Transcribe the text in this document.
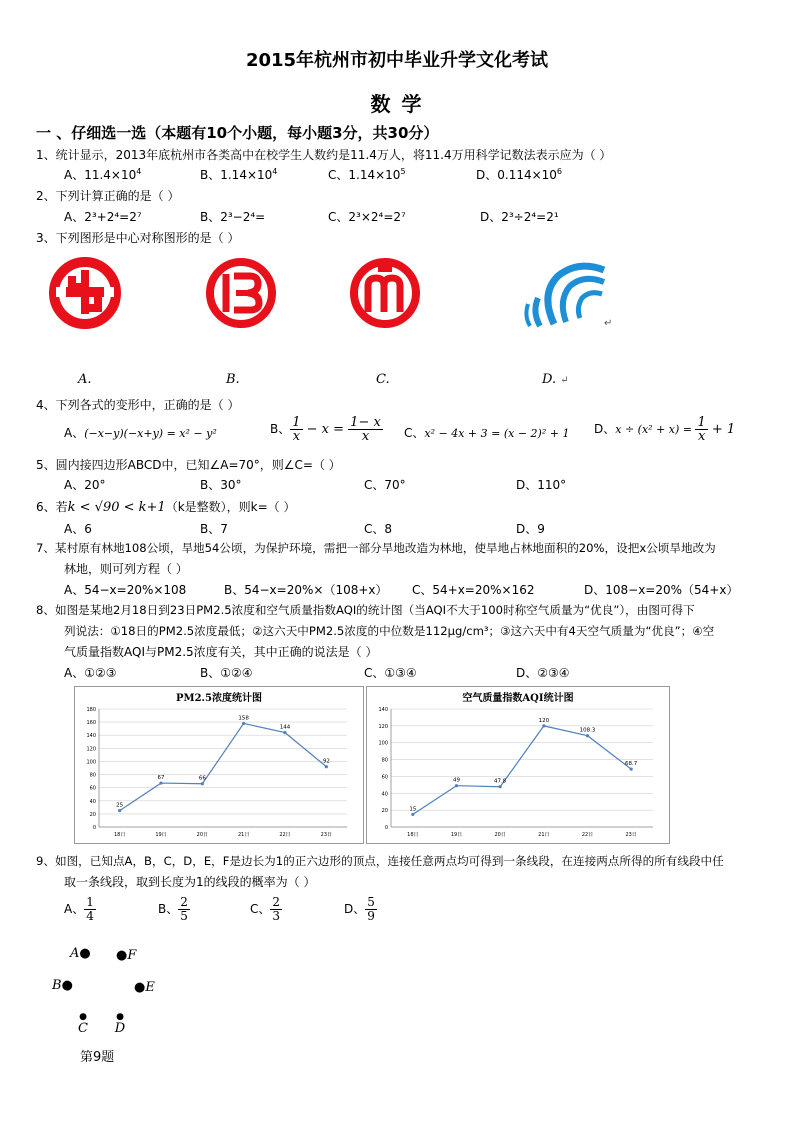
2015年杭州市初中毕业升学文化考试
数 学
一 、仔细选一选（本题有10个小题，每小题3分，共30分）
1、统计显示，2013年底杭州市各类高中在校学生人数约是11.4万人，将11.4万用科学记数法表示应为（ ）
A、$11.4\times 10^4$	B、$1.14\times 10^4$	C、$1.14\times 10^5$	D、$0.114\times 10^6$
2、下列计算正确的是（ ）
A、2³+2⁴=2⁷	B、2³−2⁴=	C、2³×2⁴=2⁷	D、2³÷2⁴=2¹
3、下列图形是中心对称图形的是（ ）
↵
A.	B.	C.	D. ↵
4、下列各式的变形中，正确的是（ ）
A、(−x−y)(−x+y) = x² − y²	B、 $\frac{1}{x} - x = \frac{1- x}{x}$ C、x² − 4x + 3 = (x − 2)² + 1 D、$x \div (x^2 + x) = \frac{1}{x} + 1$
5、圆内接四边形ABCD中，已知∠A=70°，则∠C=（ ）
A、20°	B、30°	C、70°	D、110°
6、若k < √90 < k+1（k是整数），则k=（ ）
A、6	B、7	C、8	D、9
7、某村原有林地108公顷，旱地54公顷，为保护环境，需把一部分旱地改造为林地，使旱地占林地面积的20%，设把x公顷旱地改为
林地，则可列方程（ ）
A、54−x=20%×108	B、54−x=20%×（108+x） C、54+x=20%×162	D、108−x=20%（54+x）
8、如图是某地2月18日到23日PM2.5浓度和空气质量指数AQI的统计图（当AQI不大于100时称空气质量为“优良”），由图可得下
列说法：①18日的PM2.5浓度最低；②这六天中PM2.5浓度的中位数是112μg/cm³；③这六天中有4天空气质量为“优良”；④空
气质量指数AQI与PM2.5浓度有关，其中正确的说法是（ ）
A、①②③	B、①②④	C、①③④	D、②③④
PM2.5浓度统计图
0
20
40
60
80
100
120
140
160
180
18日	19日	20日	21日	22日	23日
25
67	66
158
144
92
空气质量指数AQI统计图
0
20
40
60
80
100
120
140
18日	19日	20日	21日	22日	23日
15
49	47.8
120
108.3
68.7
9、如图，已知点A，B，C，D，E，F是边长为1的正六边形的顶点，连接任意两点均可得到一条线段，在连接两点所得的所有线段中任
取一条线段，取到长度为1的线段的概率为（ ）
A、 $\frac{1}{4}$	B、 $\frac{2}{5}$	C、 $\frac{2}{3}$	D、 $\frac{5}{9}$
A● ●F
B●	●E
●
C
●
D
第9题
